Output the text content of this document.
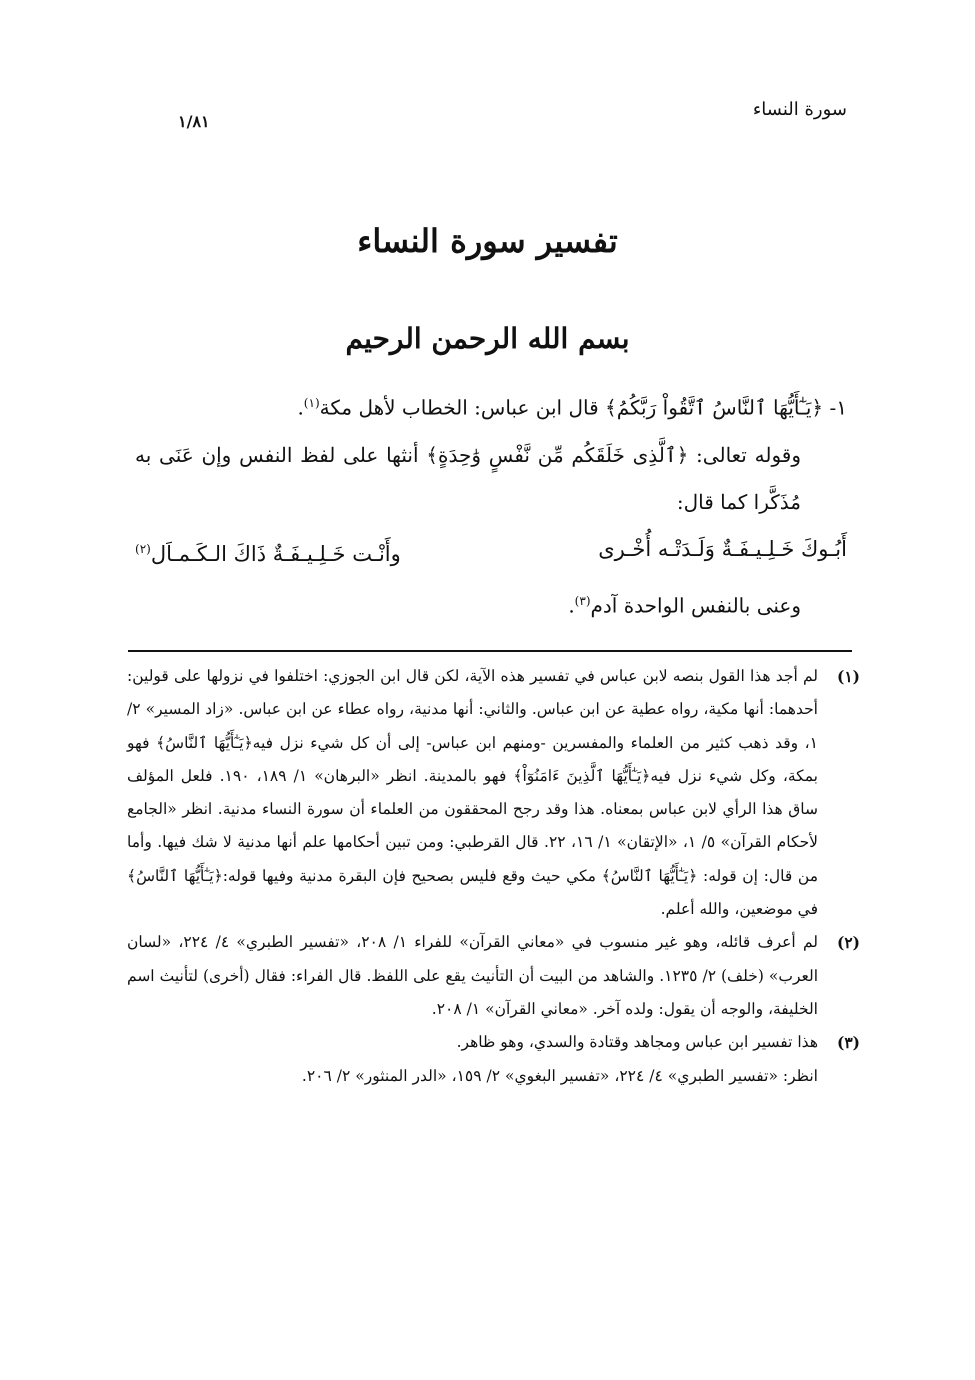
سورة النساء
١/٨١
تفسير سورة النساء
بسم الله الرحمن الرحيم

١- ﴿يَـٰٓأَيُّهَا ٱلنَّاسُ ٱتَّقُواْ رَبَّكُمُ﴾ قال ابن عباس: الخطاب لأهل مكة$^{(١)}$.

وقوله تعالى: ﴿ٱلَّذِى خَلَقَكُم مِّن نَّفْسٍ وَٰحِدَةٍ﴾ أنثها على لفظ النفس وإن عَنَى به مُذَكَّرا كما قال:

أَبُـوكَ خَـلِـيـفَـةٌ وَلَـدَتْـه أُخْـرى
وأَنْـت خَـلِـيـفَـةٌ ذَاكَ الـكَـمـاَل$^{(٢)}$

وعنى بالنفس الواحدة آدم$^{(٣)}$.

(١)
لم أجد هذا القول بنصه لابن عباس في تفسير هذه الآية، لكن قال ابن الجوزي: اختلفوا في نزولها على قولين: أحدهما: أنها مكية، رواه عطية عن ابن عباس. والثاني: أنها مدنية، رواه عطاء عن ابن عباس. «زاد المسير» ٢/ ١، وقد ذهب كثير من العلماء والمفسرين -ومنهم ابن عباس- إلى أن كل شيء نزل فيه﴿يَـٰٓأَيُّهَا ٱلنَّاسُ﴾ فهو بمكة، وكل شيء نزل فيه﴿يَـٰٓأَيُّهَا ٱلَّذِينَ ءَامَنُوٓاْ﴾ فهو بالمدينة. انظر «البرهان» ١/ ١٨٩، ١٩٠. فلعل المؤلف ساق هذا الرأي لابن عباس بمعناه. هذا وقد رجح المحققون من العلماء أن سورة النساء مدنية. انظر «الجامع لأحكام القرآن» ٥/ ١، «الإتقان» ١/ ١٦، ٢٢. قال القرطبي: ومن تبين أحكامها علم أنها مدنية لا شك فيها. وأما من قال: إن قوله: ﴿يَـٰٓأَيُّهَا ٱلنَّاسُ﴾ مكي حيث وقع فليس بصحيح فإن البقرة مدنية وفيها قوله:﴿يَـٰٓأَيُّهَا ٱلنَّاسُ﴾ في موضعين، والله أعلم.
(٢)
لم أعرف قائله، وهو غير منسوب في «معاني القرآن» للفراء ١/ ٢٠٨، «تفسير الطبري» ٤/ ٢٢٤، «لسان العرب» (خلف) ٢/ ١٢٣٥. والشاهد من البيت أن التأنيث يقع على اللفظ. قال الفراء: فقال (أخرى) لتأنيث اسم الخليفة، والوجه أن يقول: ولده آخر. «معاني القرآن» ١/ ٢٠٨.
(٣)

هذا تفسير ابن عباس ومجاهد وقتادة والسدي، وهو ظاهر.

انظر: «تفسير الطبري» ٤/ ٢٢٤، «تفسير البغوي» ٢/ ١٥٩، «الدر المنثور» ٢/ ٢٠٦.
